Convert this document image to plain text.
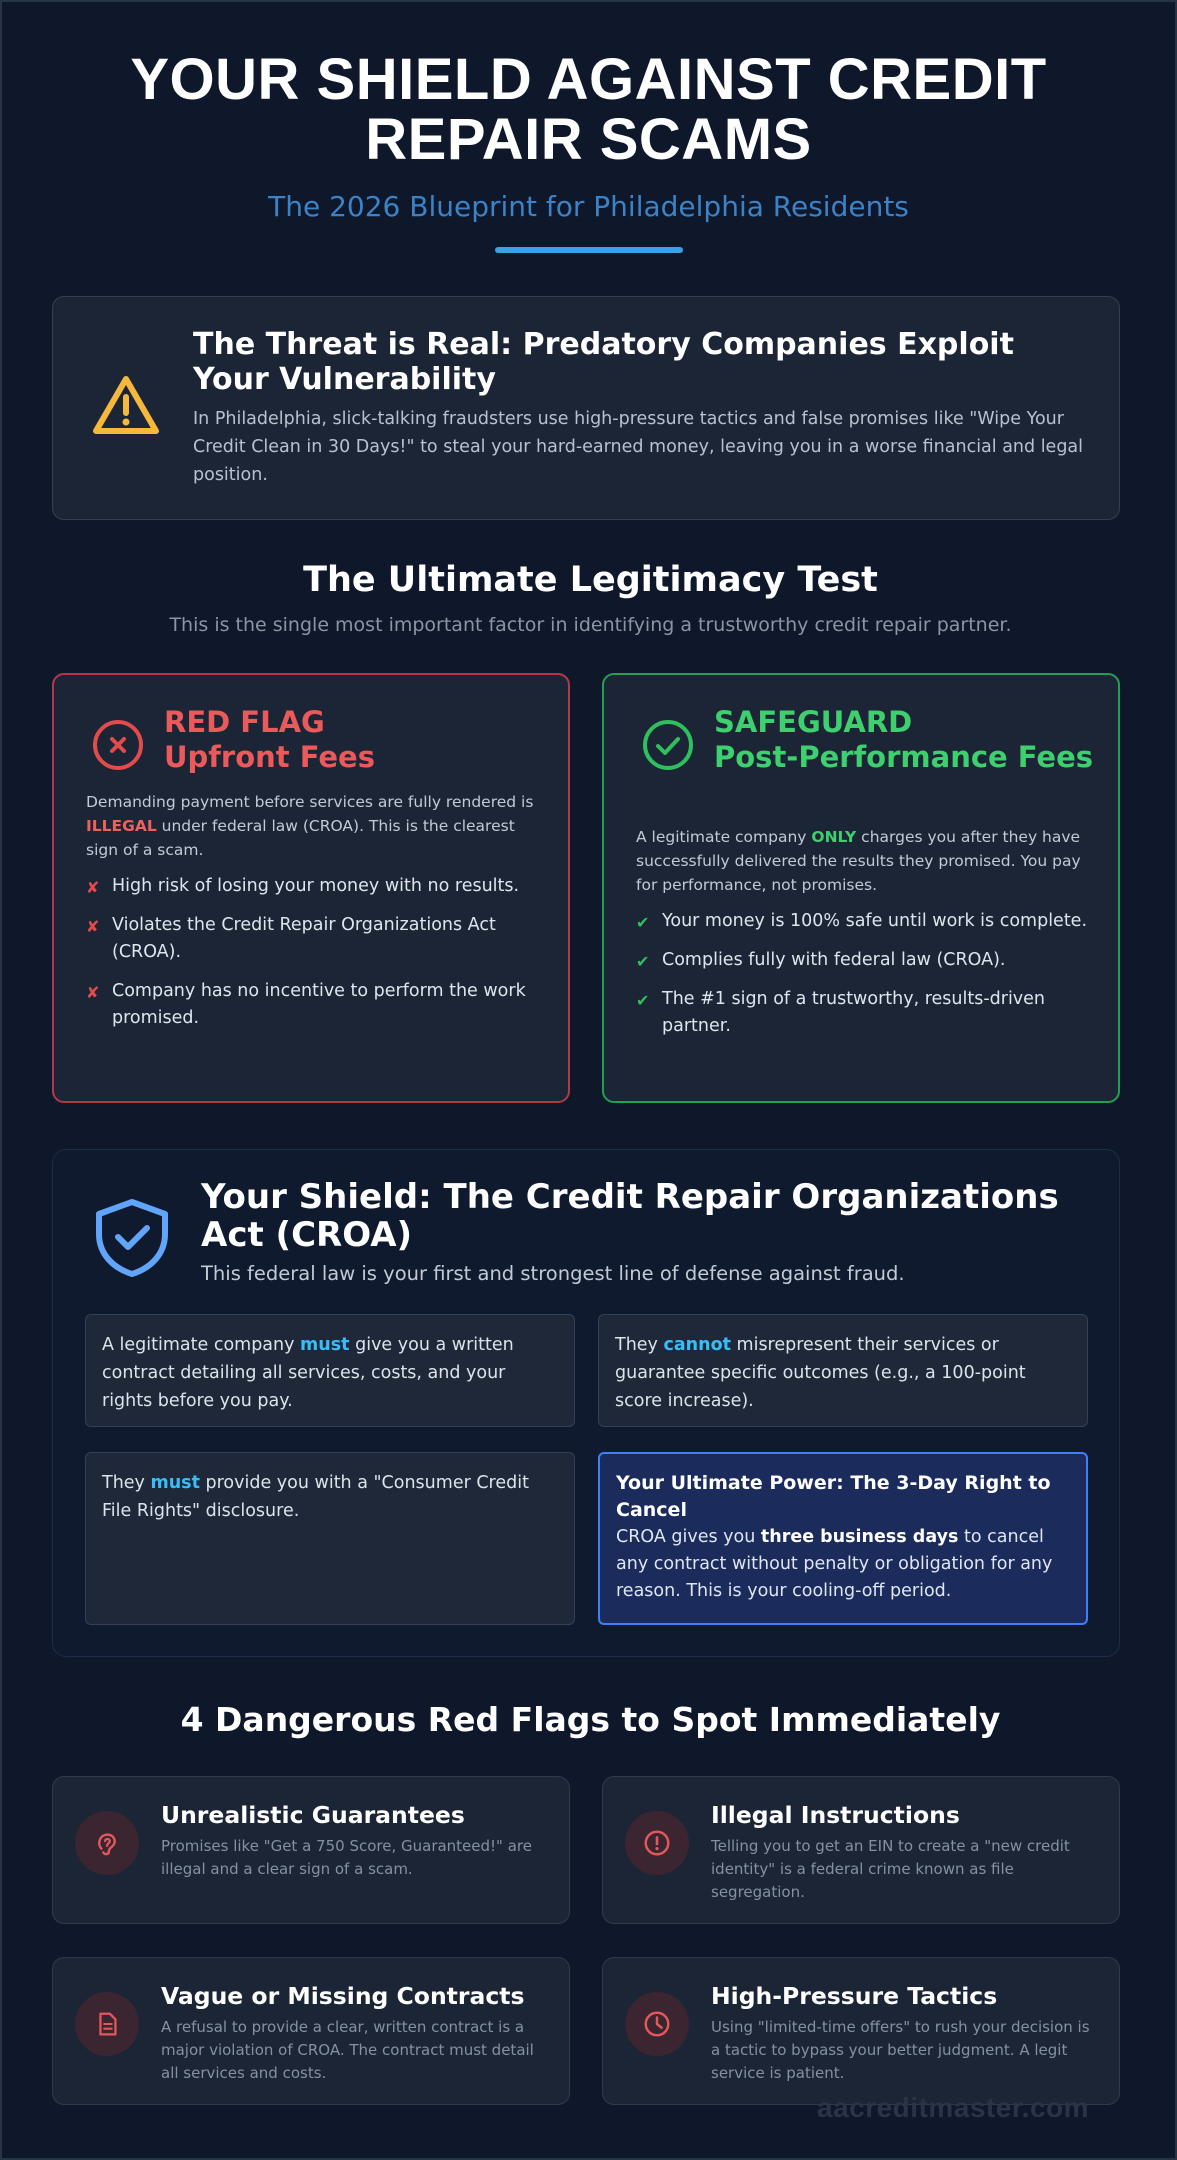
YOUR SHIELD AGAINST CREDIT REPAIR SCAMS
The 2026 Blueprint for Philadelphia Residents
The Threat is Real: Predatory Companies Exploit Your Vulnerability
In Philadelphia, slick-talking fraudsters use high-pressure tactics and false promises like "Wipe Your Credit Clean in 30 Days!" to steal your hard-earned money, leaving you in a worse financial and legal position.
The Ultimate Legitimacy Test
This is the single most important factor in identifying a trustworthy credit repair partner.
RED FLAG
Upfront Fees
Demanding payment before services are fully rendered is ILLEGAL under federal law (CROA). This is the clearest sign of a scam.
✘ High risk of losing your money with no results.
✘ Violates the Credit Repair Organizations Act (CROA).
✘ Company has no incentive to perform the work promised.
SAFEGUARD
Post-Performance Fees
A legitimate company ONLY charges you after they have successfully delivered the results they promised. You pay for performance, not promises.
✔ Your money is 100% safe until work is complete.
✔ Complies fully with federal law (CROA).
✔ The #1 sign of a trustworthy, results-driven partner.
Your Shield: The Credit Repair Organizations Act (CROA)
This federal law is your first and strongest line of defense against fraud.
A legitimate company must give you a written contract detailing all services, costs, and your rights before you pay.
They cannot misrepresent their services or guarantee specific outcomes (e.g., a 100-point score increase).
They must provide you with a "Consumer Credit File Rights" disclosure.
Your Ultimate Power: The 3-Day Right to Cancel
CROA gives you three business days to cancel any contract without penalty or obligation for any reason. This is your cooling-off period.
4 Dangerous Red Flags to Spot Immediately
Unrealistic Guarantees
Promises like "Get a 750 Score, Guaranteed!" are illegal and a clear sign of a scam.
Illegal Instructions
Telling you to get an EIN to create a "new credit identity" is a federal crime known as file segregation.
Vague or Missing Contracts
A refusal to provide a clear, written contract is a major violation of CROA. The contract must detail all services and costs.
High-Pressure Tactics
Using "limited-time offers" to rush your decision is a tactic to bypass your better judgment. A legit service is patient.
aacreditmaster.com
